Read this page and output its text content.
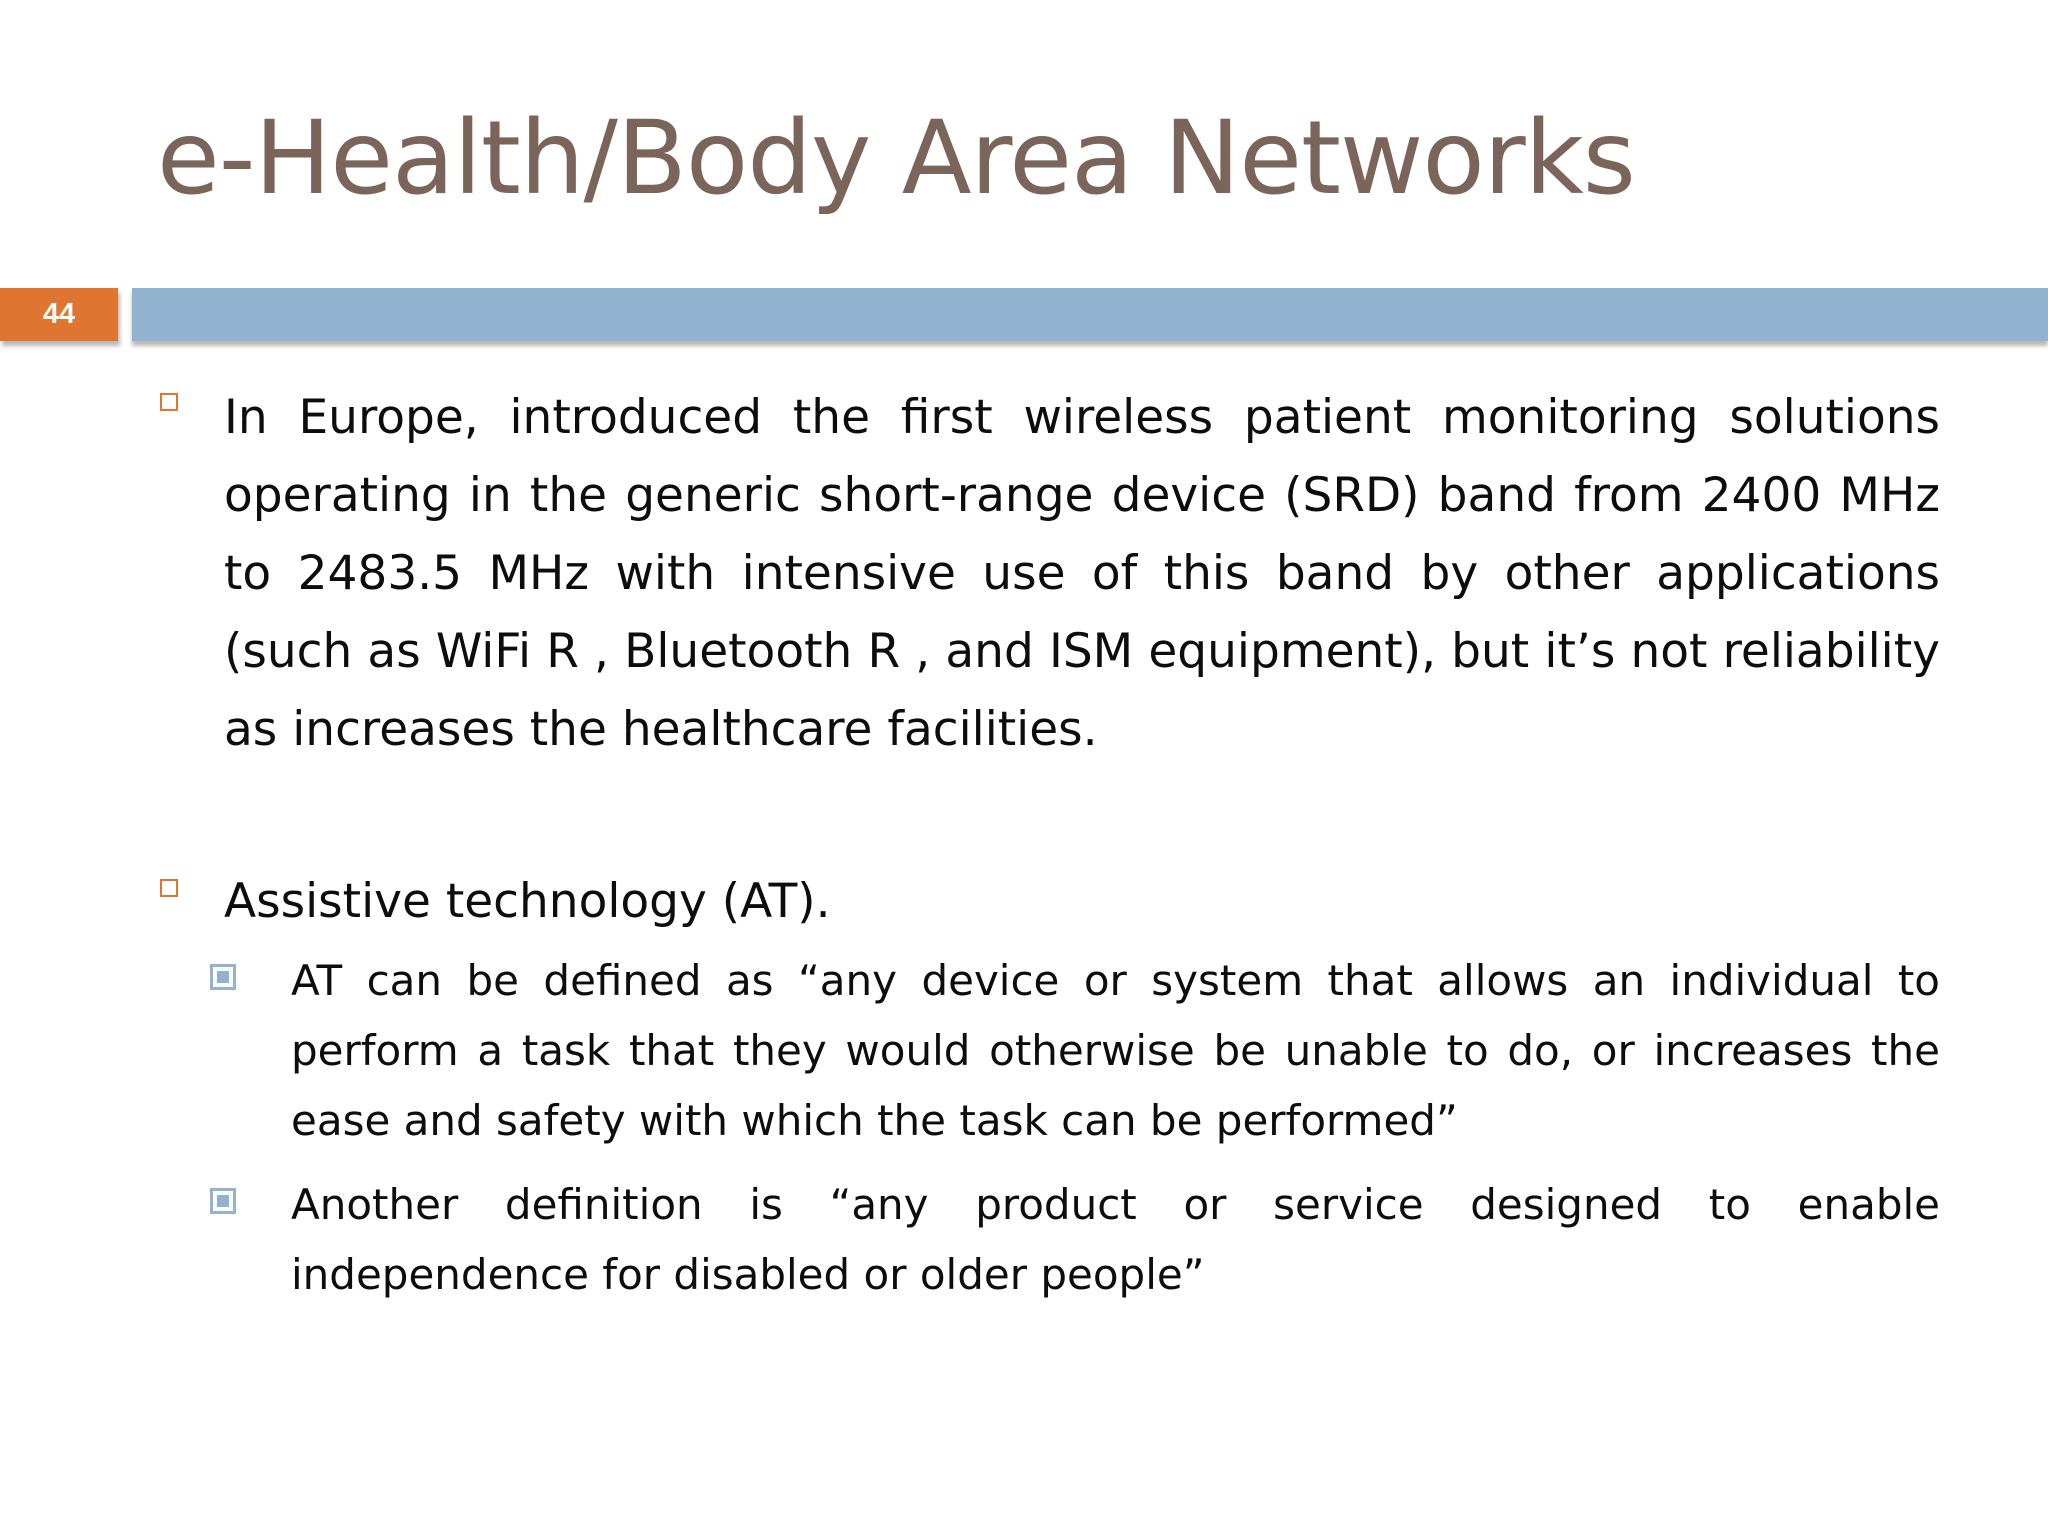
e-Health/Body Area Networks
44

In Europe, introduced the first wireless patient monitoring solutions operating in the generic short-range device (SRD) band from 2400 MHz to 2483.5 MHz with intensive use of this band by other applications (such as WiFi R , Bluetooth R , and ISM equipment), but it’s not reliability as increases the healthcare facilities.

Assistive technology (AT).

AT can be defined as “any device or system that allows an individual to perform a task that they would otherwise be unable to do, or increases the ease and safety with which the task can be performed”

Another definition is “any product or service designed to enable independence for disabled or older people”
